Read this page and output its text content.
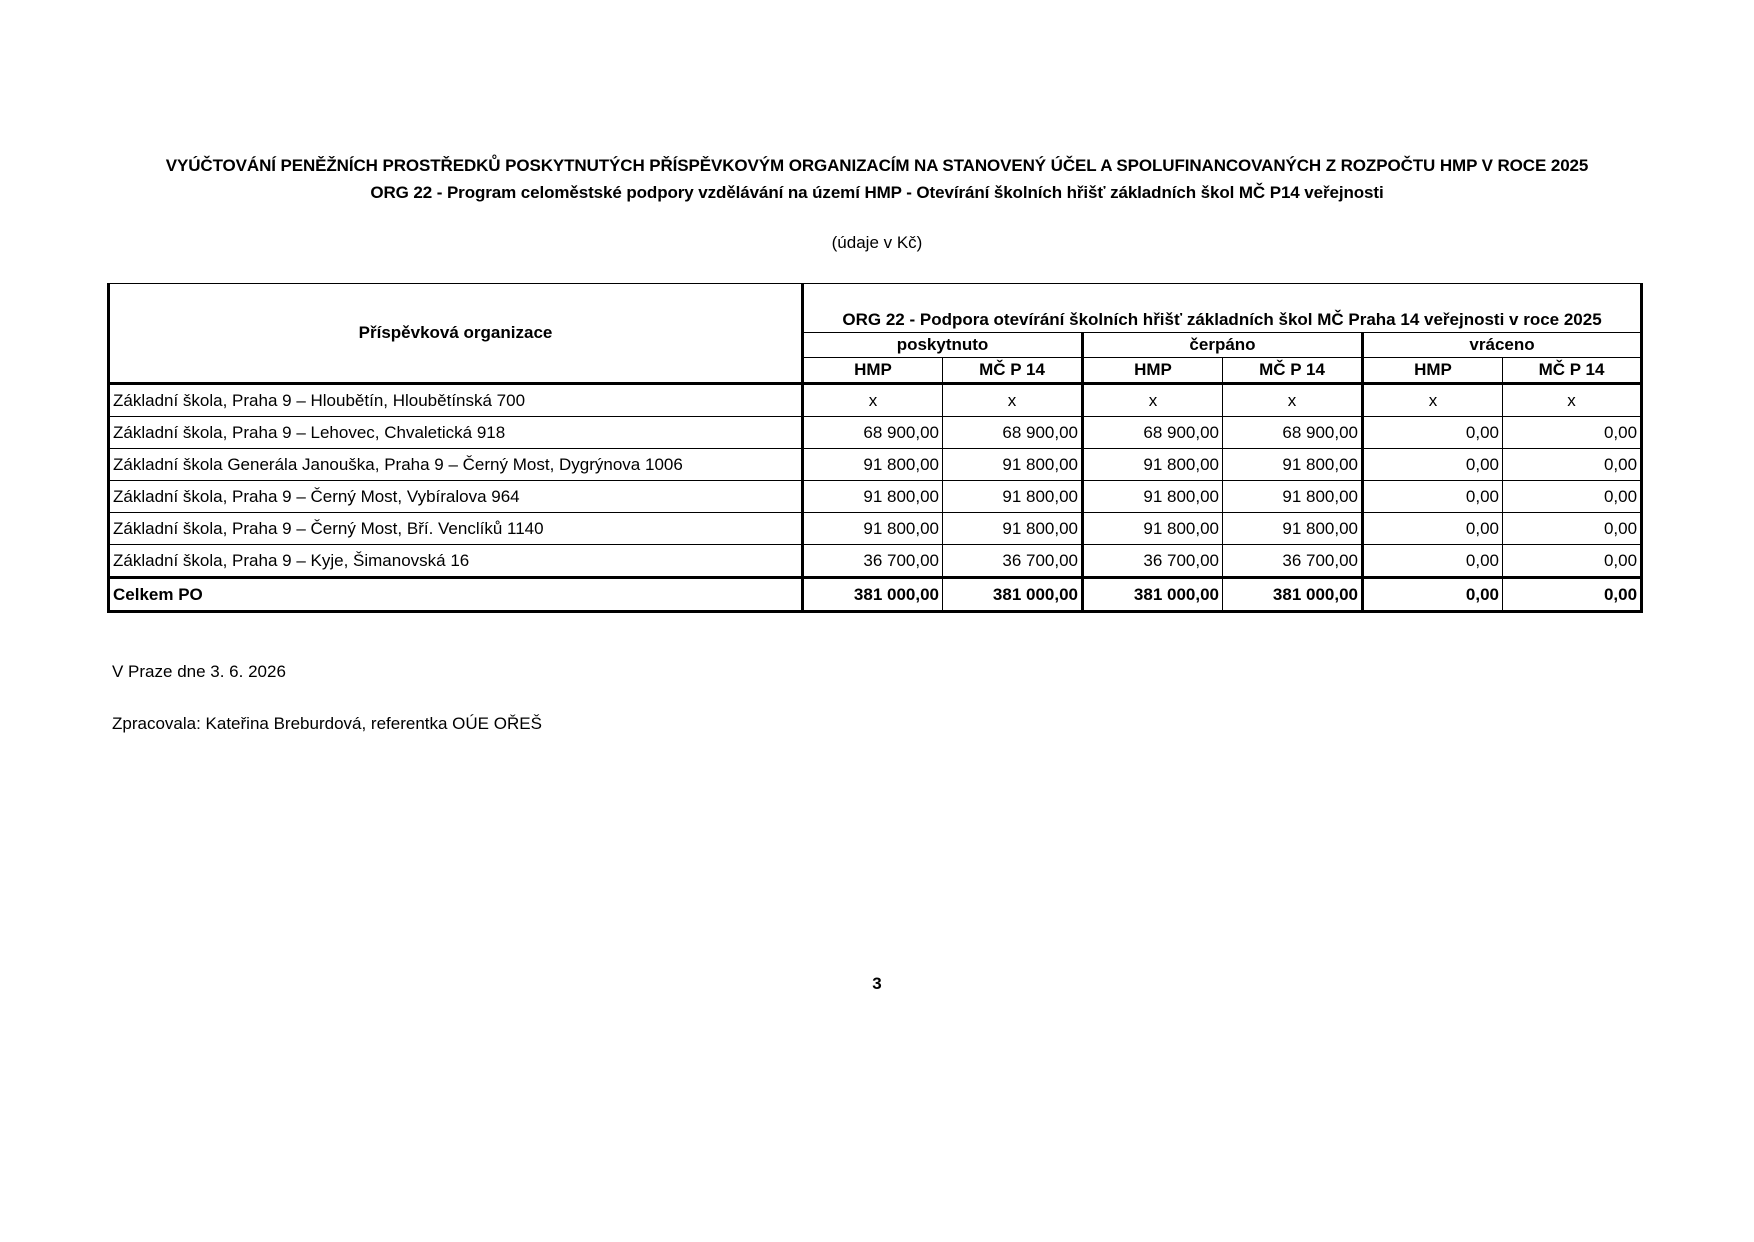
VYÚČTOVÁNÍ PENĚŽNÍCH PROSTŘEDKŮ POSKYTNUTÝCH PŘÍSPĚVKOVÝM ORGANIZACÍM NA STANOVENÝ ÚČEL A SPOLUFINANCOVANÝCH Z ROZPOČTU HMP V ROCE 2025
ORG 22 - Program celoměstské podpory vzdělávání na území HMP - Otevírání školních hřišť základních škol MČ P14 veřejnosti
(údaje v Kč)
Příspěvková organizace	ORG 22 - Podpora otevírání školních hřišť základních škol MČ Praha 14 veřejnosti v roce 2025					
	poskytnuto		čerpáno		vráceno	
	HMP	MČ P 14	HMP	MČ P 14	HMP	MČ P 14
Základní škola, Praha 9 – Hloubětín, Hloubětínská 700	x	x	x	x	x	x
Základní škola, Praha 9 – Lehovec, Chvaletická 918	68 900,00	68 900,00	68 900,00	68 900,00	0,00	0,00
Základní škola Generála Janouška, Praha 9 – Černý Most, Dygrýnova 1006	91 800,00	91 800,00	91 800,00	91 800,00	0,00	0,00
Základní škola, Praha 9 – Černý Most, Vybíralova 964	91 800,00	91 800,00	91 800,00	91 800,00	0,00	0,00
Základní škola, Praha 9 – Černý Most, Bří. Venclíků 1140	91 800,00	91 800,00	91 800,00	91 800,00	0,00	0,00
Základní škola, Praha 9 – Kyje, Šimanovská 16	36 700,00	36 700,00	36 700,00	36 700,00	0,00	0,00
Celkem PO	381 000,00	381 000,00	381 000,00	381 000,00	0,00	0,00
V Praze dne 3. 6. 2026
Zpracovala: Kateřina Breburdová, referentka OÚE OŘEŠ
3
